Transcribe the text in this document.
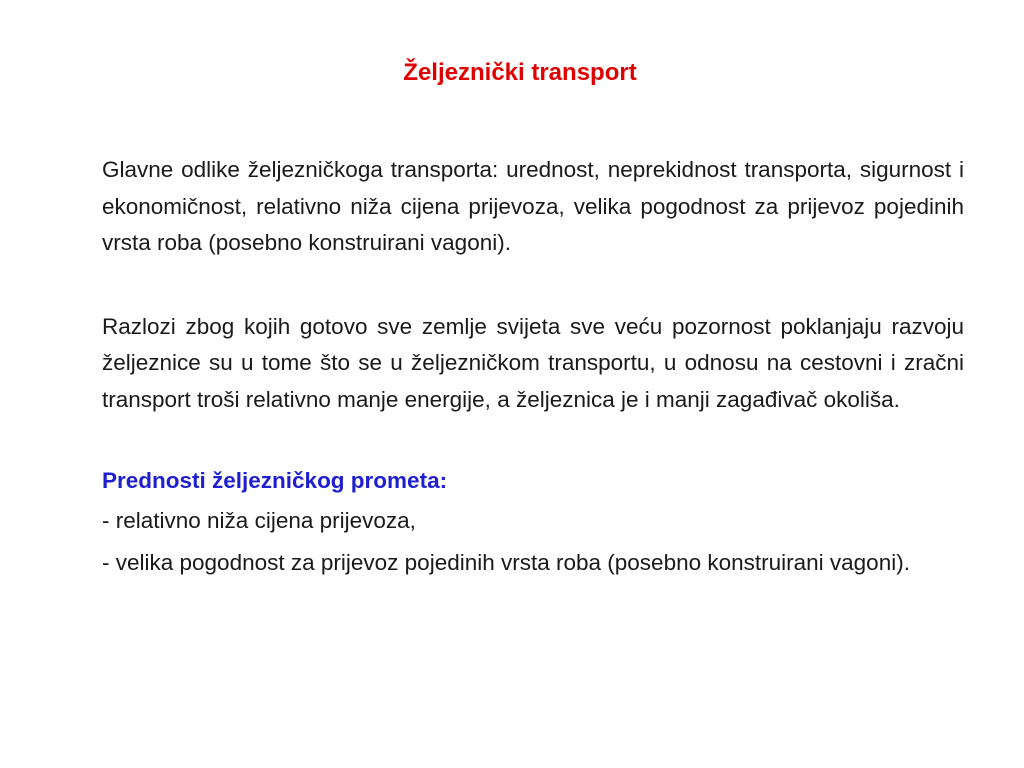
Željeznički transport

Glavne odlike željezničkoga transporta: urednost, neprekidnost transporta, sigurnost i ekonomičnost, relativno niža cijena prijevoza, velika pogodnost za prijevoz pojedinih vrsta roba (posebno konstruirani vagoni).

Razlozi zbog kojih gotovo sve zemlje svijeta sve veću pozornost poklanjaju razvoju željeznice su u tome što se u željezničkom transportu, u odnosu na cestovni i zračni transport troši relativno manje energije, a željeznica je i manji zagađivač okoliša.

Prednosti željezničkog prometa:

- relativno niža cijena prijevoza,

- velika pogodnost za prijevoz pojedinih vrsta roba (posebno konstruirani vagoni).
